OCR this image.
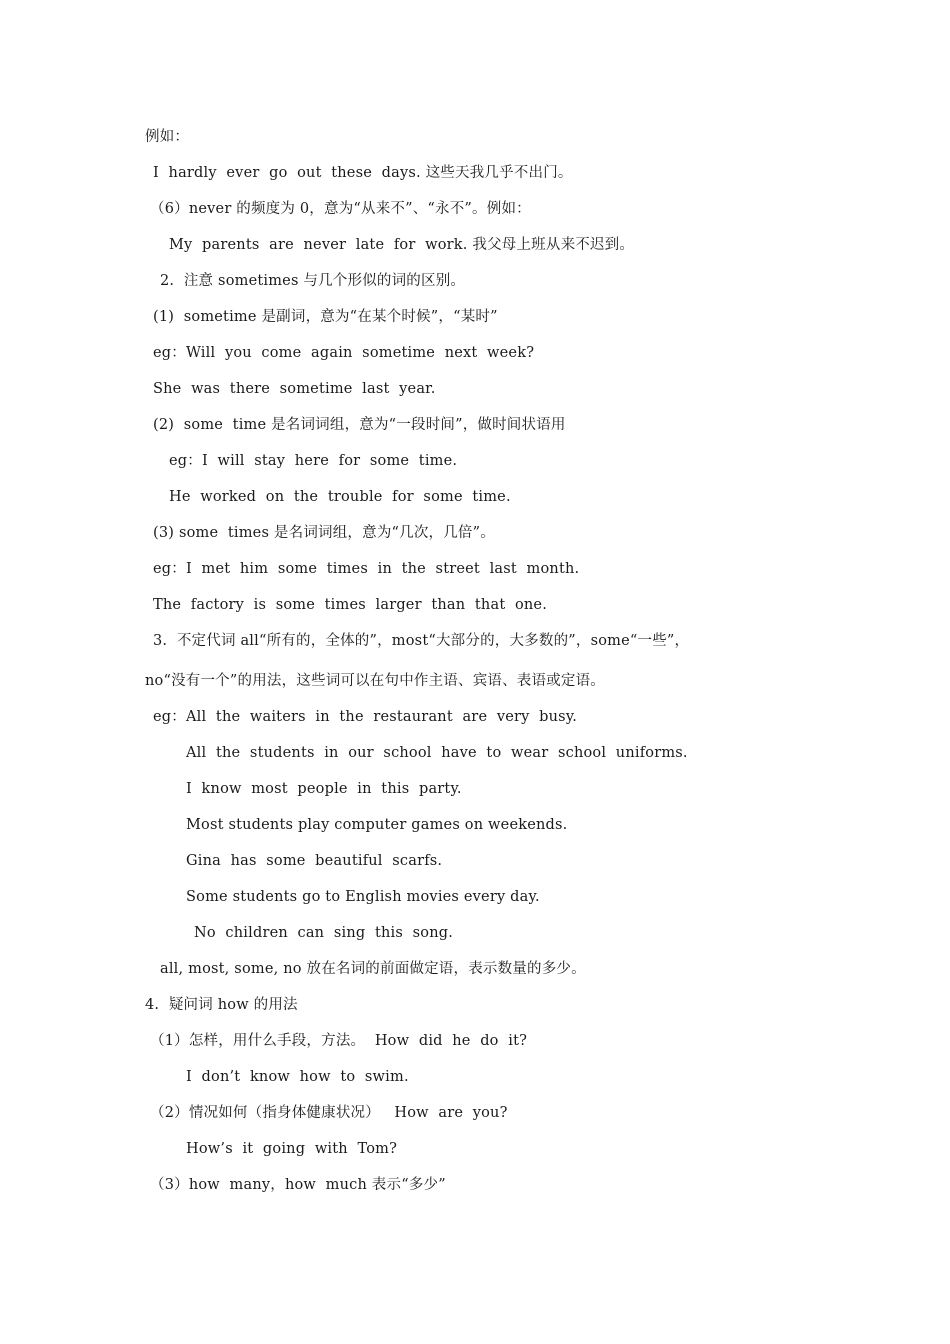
例如：
I  hardly  ever  go  out  these  days. 这些天我几乎不出门。
（6）never 的频度为 0，意为“从来不”、“永不”。例如：
My  parents  are  never  late  for  work. 我父母上班从来不迟到。
2.  注意 sometimes 与几个形似的词的区别。
(1)  sometime 是副词，意为“在某个时候”，“某时”
eg：Will  you  come  again  sometime  next  week?
She  was  there  sometime  last  year.
(2)  some  time 是名词词组，意为“一段时间”，做时间状语用
eg：I  will  stay  here  for  some  time.
He  worked  on  the  trouble  for  some  time.
(3) some  times 是名词词组，意为“几次，几倍”。
eg：I  met  him  some  times  in  the  street  last  month.
The  factory  is  some  times  larger  than  that  one.
3.  不定代词 all“所有的，全体的”，most“大部分的，大多数的”，some“一些”，
no“没有一个”的用法，这些词可以在句中作主语、宾语、表语或定语。
eg：All  the  waiters  in  the  restaurant  are  very  busy.
All  the  students  in  our  school  have  to  wear  school  uniforms.
I  know  most  people  in  this  party.
Most students play computer games on weekends.
Gina  has  some  beautiful  scarfs.
Some students go to English movies every day.
No  children  can  sing  this  song.
all, most, some, no 放在名词的前面做定语，表示数量的多少。
4.  疑问词 how 的用法
（1）怎样，用什么手段，方法。  How  did  he  do  it?
I  don’t  know  how  to  swim.
（2）情况如何（指身体健康状况）   How  are  you?
How’s  it  going  with  Tom?
（3）how  many，how  much 表示“多少”
